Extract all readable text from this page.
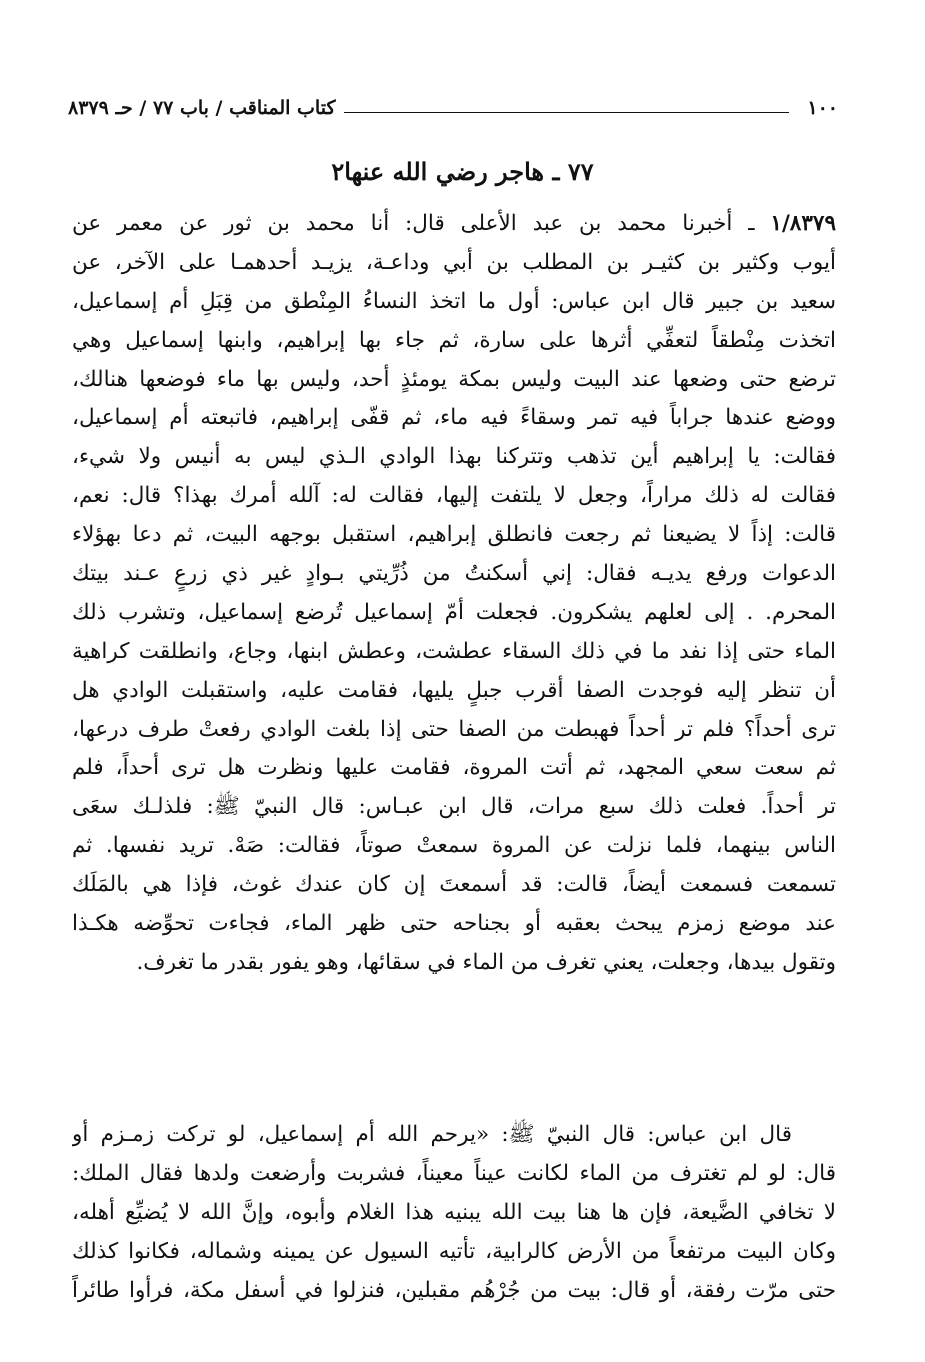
١٠٠
كتاب المناقب / باب ٧٧ / حـ ٨٣٧٩
٧٧ ـ هاجر رضي الله عنها٢
١/٨٣٧٩ ـ أخبرنا محمد بن عبد الأعلى قال: أنا محمد بن ثور عن معمر عن
أيوب وكثير بن كثيـر بن المطلب بن أبي وداعـة، يزيـد أحدهمـا على الآخر، عن
سعيد بن جبير قال ابن عباس: أول ما اتخذ النساءُ المِنْطق من قِبَلِ أم إسماعيل،
اتخذت مِنْطقاً لتعفِّي أثرها على سارة، ثم جاء بها إبراهيم، وابنها إسماعيل وهي
ترضع حتى وضعها عند البيت وليس بمكة يومئذٍ أحد، وليس بها ماء فوضعها هنالك،
ووضع عندها جراباً فيه تمر وسقاءً فيه ماء، ثم قفّى إبراهيم، فاتبعته أم إسماعيل،
فقالت: يا إبراهيم أين تذهب وتتركنا بهذا الوادي الـذي ليس به أنيس ولا شيء،
فقالت له ذلك مراراً، وجعل لا يلتفت إليها، فقالت له: آلله أمرك بهذا؟ قال: نعم،
قالت: إذاً لا يضيعنا ثم رجعت فانطلق إبراهيم، استقبل بوجهه البيت، ثم دعا بهؤلاء
الدعوات ورفع يديـه فقال: إني أسكنتُ من ذُرِّيتي بـوادٍ غير ذي زرعٍ عـند بيتك
المحرم. . إلى لعلهم يشكرون. فجعلت أمّ إسماعيل تُرضع إسماعيل، وتشرب ذلك
الماء حتى إذا نفد ما في ذلك السقاء عطشت، وعطش ابنها، وجاع، وانطلقت كراهية
أن تنظر إليه فوجدت الصفا أقرب جبلٍ يليها، فقامت عليه، واستقبلت الوادي هل
ترى أحداً؟ فلم تر أحداً فهبطت من الصفا حتى إذا بلغت الوادي رفعتْ طرف درعها،
ثم سعت سعي المجهد، ثم أتت المروة، فقامت عليها ونظرت هل ترى أحداً، فلم
تر أحداً. فعلت ذلك سبع مرات، قال ابن عبـاس: قال النبيّ ﷺ: فلذلـك سعَى
الناس بينهما، فلما نزلت عن المروة سمعتْ صوتاً، فقالت: صَهْ. تريد نفسها. ثم
تسمعت فسمعت أيضاً، قالت: قد أسمعتَ إن كان عندك غوث، فإذا هي بالمَلَك
عند موضع زمزم يبحث بعقبه أو بجناحه حتى ظهر الماء، فجاءت تحوِّضه هكـذا
وتقول بيدها، وجعلت، يعني تغرف من الماء في سقائها، وهو يفور بقدر ما تغرف.
قال ابن عباس: قال النبيّ ﷺ: «يرحم الله أم إسماعيل، لو تركت زمـزم أو
قال: لو لم تغترف من الماء لكانت عيناً معيناً، فشربت وأرضعت ولدها فقال الملك:
لا تخافي الضَّيعة، فإن ها هنا بيت الله يبنيه هذا الغلام وأبوه، وإنَّ الله لا يُضيِّع أهله،
وكان البيت مرتفعاً من الأرض كالرابية، تأتيه السيول عن يمينه وشماله، فكانوا كذلك
حتى مرّت رفقة، أو قال: بيت من جُرْهُم مقبلين، فنزلوا في أسفل مكة، فرأوا طائراً
